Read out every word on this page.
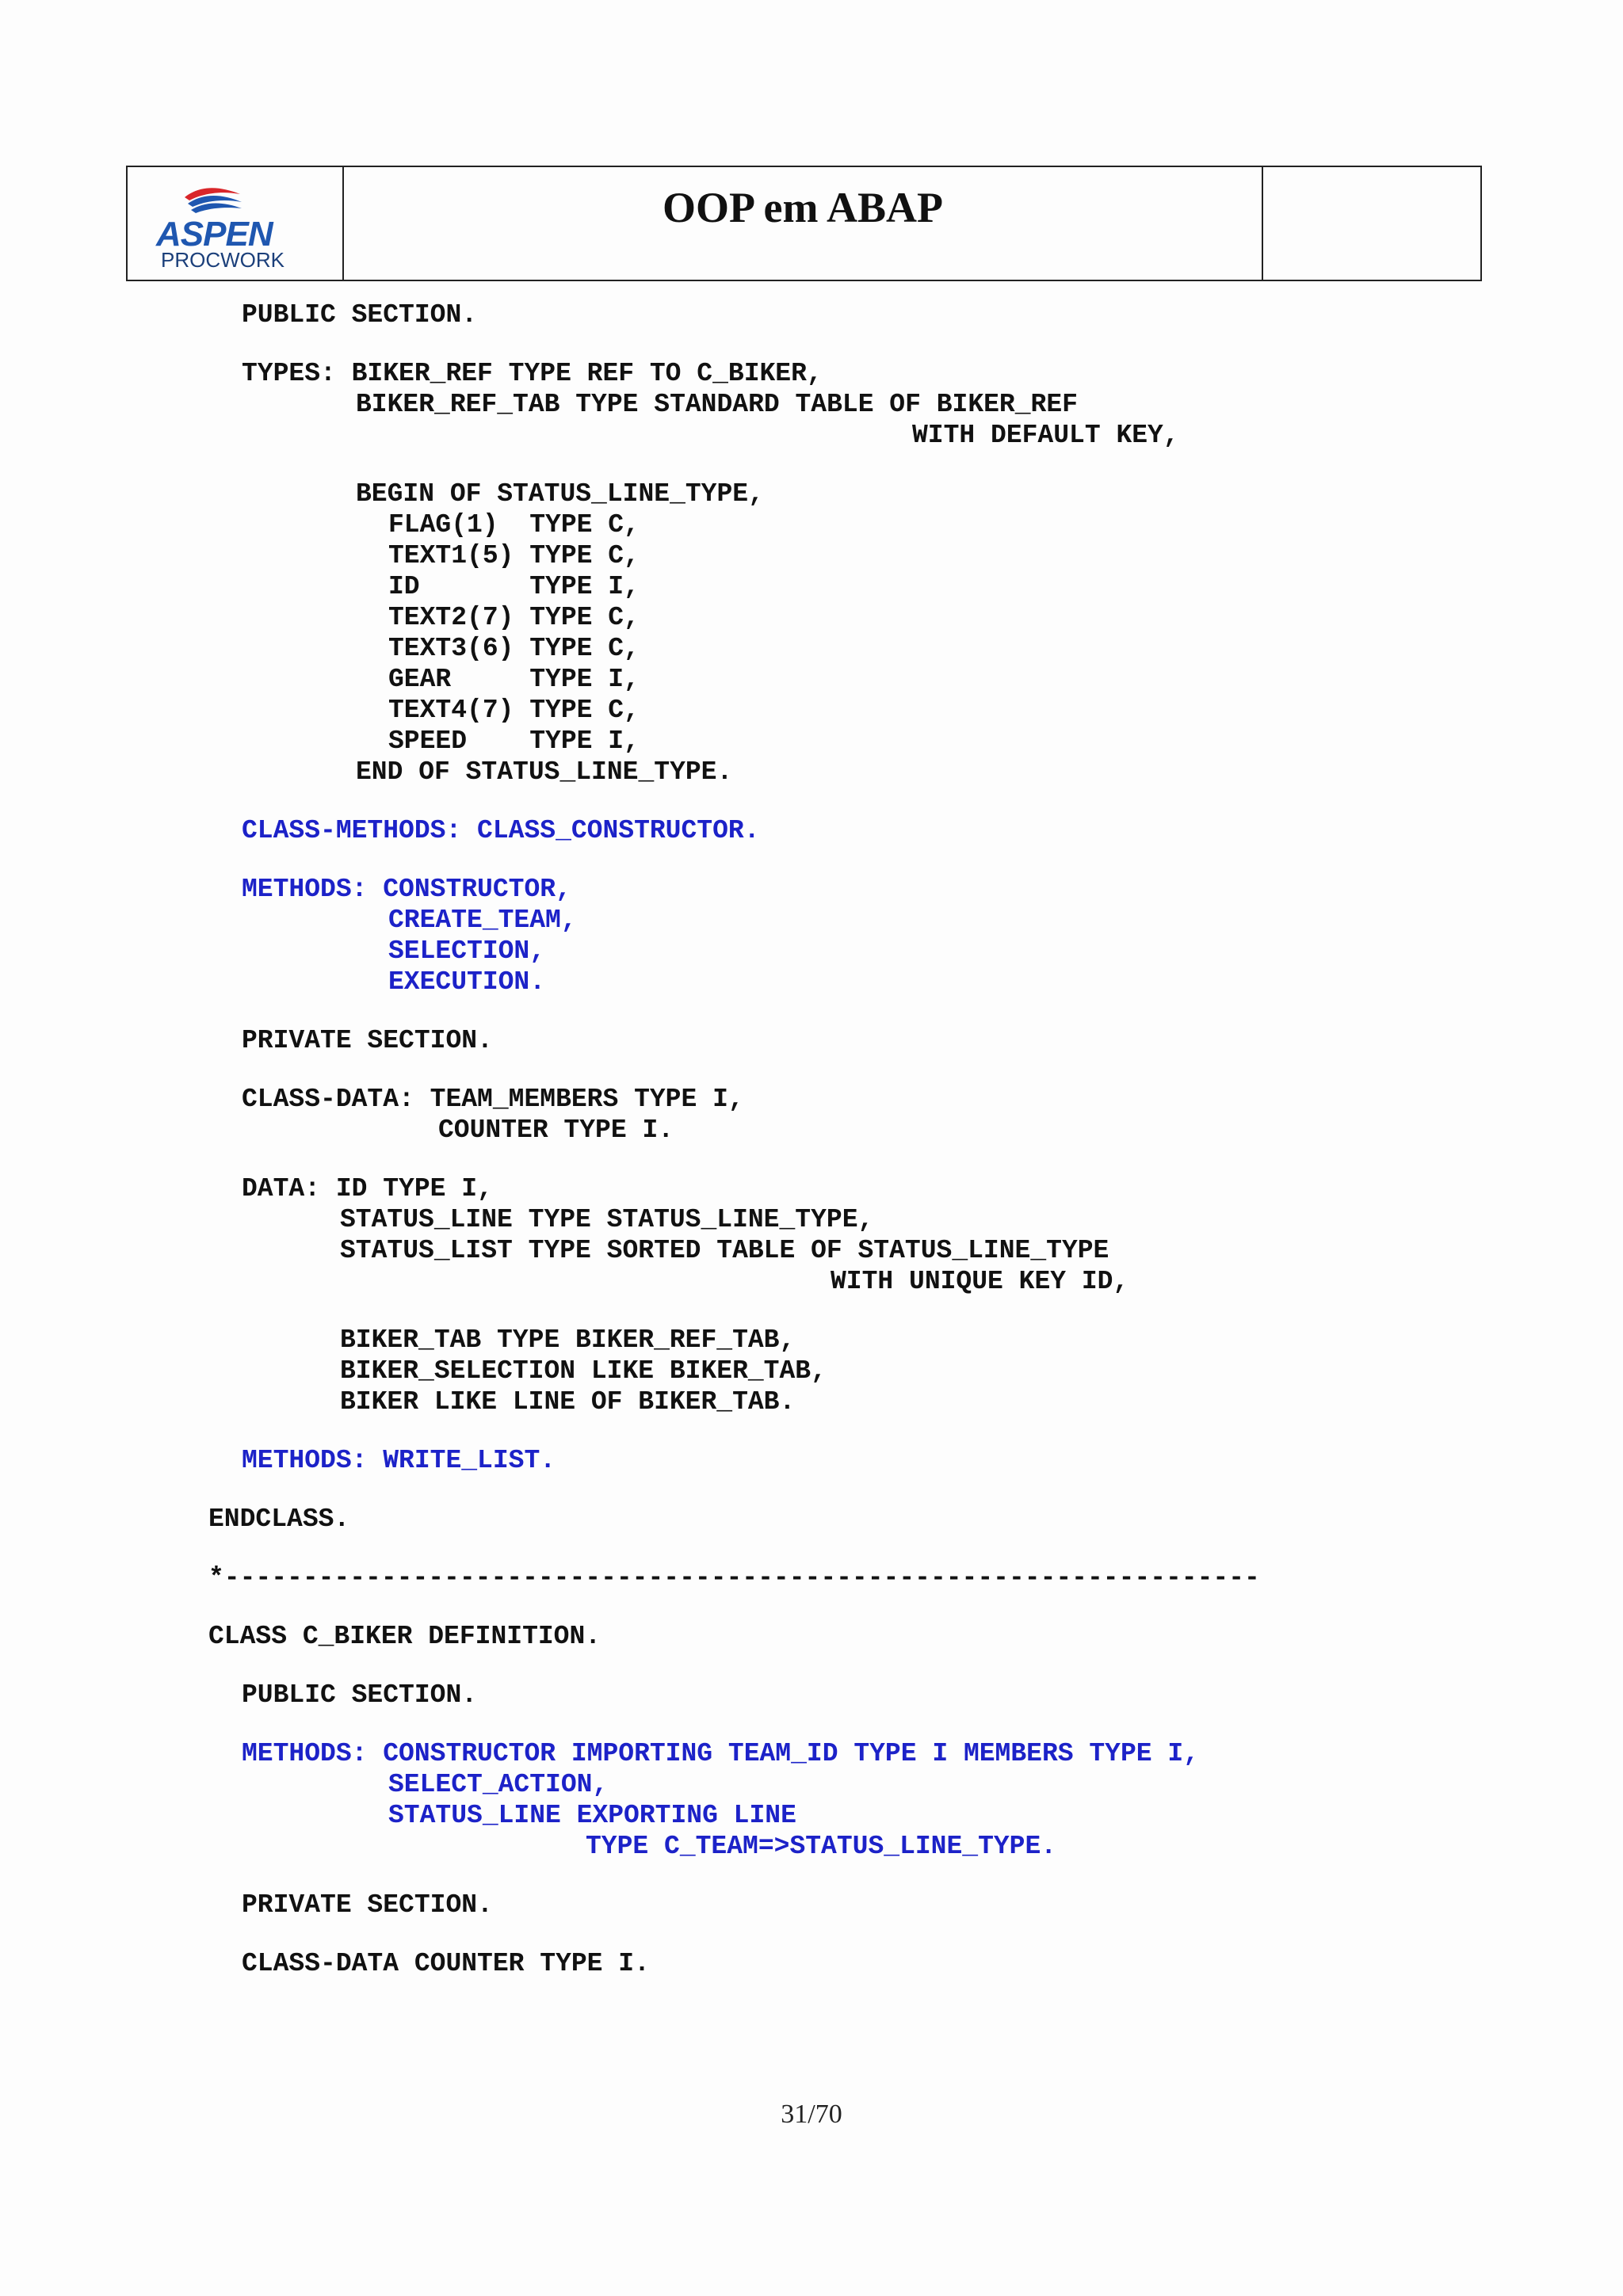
ASPEN
PROCWORK
OOP em ABAP
PUBLIC SECTION.
TYPES: BIKER_REF TYPE REF TO C_BIKER,
BIKER_REF_TAB TYPE STANDARD TABLE OF BIKER_REF
WITH DEFAULT KEY,
BEGIN OF STATUS_LINE_TYPE,
FLAG(1)  TYPE C,
TEXT1(5) TYPE C,
ID       TYPE I,
TEXT2(7) TYPE C,
TEXT3(6) TYPE C,
GEAR     TYPE I,
TEXT4(7) TYPE C,
SPEED    TYPE I,
END OF STATUS_LINE_TYPE.
CLASS-METHODS: CLASS_CONSTRUCTOR.
METHODS: CONSTRUCTOR,
CREATE_TEAM,
SELECTION,
EXECUTION.
PRIVATE SECTION.
CLASS-DATA: TEAM_MEMBERS TYPE I,
COUNTER TYPE I.
DATA: ID TYPE I,
STATUS_LINE TYPE STATUS_LINE_TYPE,
STATUS_LIST TYPE SORTED TABLE OF STATUS_LINE_TYPE
WITH UNIQUE KEY ID,
BIKER_TAB TYPE BIKER_REF_TAB,
BIKER_SELECTION LIKE BIKER_TAB,
BIKER LIKE LINE OF BIKER_TAB.
METHODS: WRITE_LIST.
ENDCLASS.
*------------------------------------------------------------------
CLASS C_BIKER DEFINITION.
PUBLIC SECTION.
METHODS: CONSTRUCTOR IMPORTING TEAM_ID TYPE I MEMBERS TYPE I,
SELECT_ACTION,
STATUS_LINE EXPORTING LINE
TYPE C_TEAM=>STATUS_LINE_TYPE.
PRIVATE SECTION.
CLASS-DATA COUNTER TYPE I.
31/70
